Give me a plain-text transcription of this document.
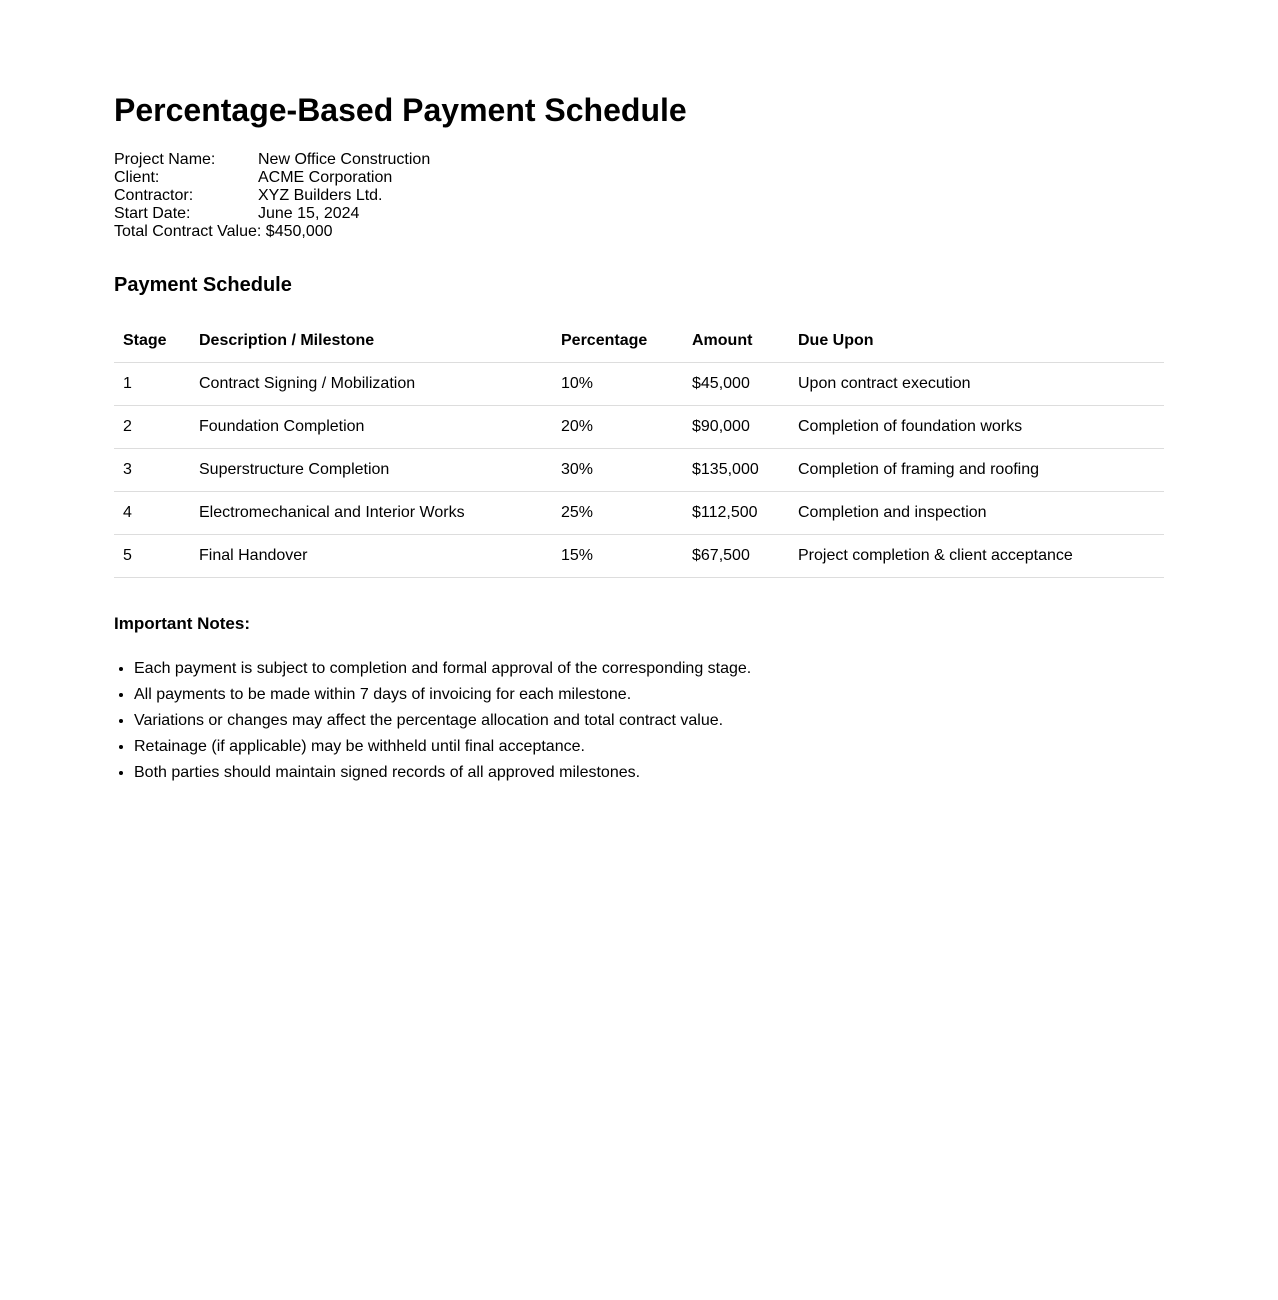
Percentage-Based Payment Schedule
Project Name:	New Office Construction
Client:	ACME Corporation
Contractor:	XYZ Builders Ltd.
Start Date:	June 15, 2024
Total Contract Value: $450,000
Payment Schedule
Stage	Description / Milestone	Percentage	Amount	Due Upon
1	Contract Signing / Mobilization	10%	$45,000	Upon contract execution
2	Foundation Completion	20%	$90,000	Completion of foundation works
3	Superstructure Completion	30%	$135,000	Completion of framing and roofing
4	Electromechanical and Interior Works	25%	$112,500	Completion and inspection
5	Final Handover	15%	$67,500	Project completion & client acceptance
Important Notes:
• Each payment is subject to completion and formal approval of the corresponding stage.
• All payments to be made within 7 days of invoicing for each milestone.
• Variations or changes may affect the percentage allocation and total contract value.
• Retainage (if applicable) may be withheld until final acceptance.
• Both parties should maintain signed records of all approved milestones.
